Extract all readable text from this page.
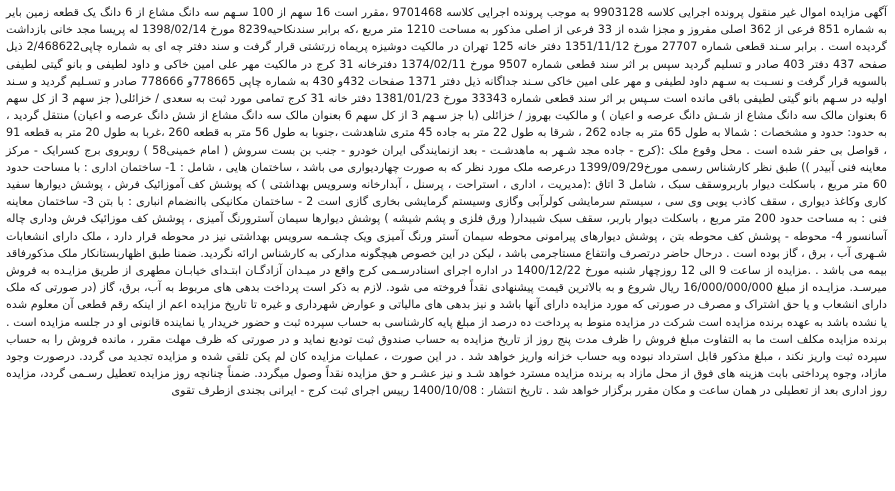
آگهی مزایده اموال غیر منقول پرونده اجرایی کلاسه 9903128 به موجب پرونده اجرایی کلاسه 9701468 ،مقرر است 16 سهم از 100 سـهم سه دانگ مشاع از 6 دانگ یک قطعه زمین بایر به شماره 851 فرعی از 362 اصلی مفروز و مجزا شده از 33 فرعی از اصلی مذکور به مساحت 1210 متر مربع ،که برابر سندنکاحیه8239 مورخ 1398/02/14 له پریسا مجد خانی بازداشت گردیده است . برابر سـند قطعی شماره 27707 مورخ 1351/11/12 دفتر خانه 125 تهران در مالکیت دوشیزه پریماه زرتشتی قرار گرفت و سند دفتر چه ای به شماره چاپی2/468622 ذیل صفحه 437 دفتر 403 صادر و تسلیم گردید سپس بر اثر سند قطعی شماره 9507 مورخ 1374/02/11 دفترخانه 31 کرج در مالکیت مهر علی امین خاکی و داود لطیفی و بانو گیتی لطیفی بالسویه قرار گرفت و نسـبت به سـهم داود لطیفی و مهر علی امین خاکی سـند جداگانه ذیل دفتر 1371 صفحات 432و 430 به شماره چاپی 778665و 778666 صادر و تسـلیم گردید و سـند اولیه در سـهم بانو گیتی لطیفی باقی مانده است سـپس بر اثر سند قطعی شماره 33343 مورخ 1381/01/23 دفتر خانه 31 کرج تمامی مورد ثبت به سعدی / خزائلی( جز سهم 3 از کل سهم 6 بعنوان مالک سه دانگ مشاع از شـش دانگ عرصه و اعیان ) و مالکیت بهروز / خزائلی (با جز سـهم 3 از کل سهم 6 بعنوان مالک سه دانگ مشاع از شش دانگ عرصه و اعیان) منتقل گردید ، به حدود: حدود و مشخصات : شمالا به طول 65 متر به جاده 262 ، شرقا به طول 22 متر به جاده 45 متری شاهدشت ،جنوبا به طول 56 متر به قطعه 260 ،غربا به طول 20 متر به قطعه 91 ، قواصل بی حفر شده است . محل وقوع ملک :(کرج - جاده مجد شـهر به ماهدشـت - بعد ازنمایندگی ایران خودرو - جنب بن بست سروش ( امام خمینی58 ) روبروی برج کسرایک - مرکز معاینه فنی آبیدر )) طبق نظر کارشناس رسمی مورخ1399/09/29 درعرصه ملک مورد نظر که به صورت چهاردیواری می باشد ، ساختمان هایی ، شامل : 1- ساختمان اداری : با مساحت حدود 60 متر مربع ، باسکلت دیوار باربروسقف سبک ، شامل 3 اتاق :(مدیریت ، اداری ، استراحت ، پرسنل ، آبدارخانه وسرویس بهداشتی ) که پوشش کف آموزائیک فرش ، پوشش دیوارها سفید کاری وکاغذ دیواری ، سقف کاذب یوبی وی سی ، سیستم سرمایشی کولرآبی وگازی وسیستم گرمایشی بخاری گازی است 2 - ساختمان مکانیکی باانضمام انباری : با بتن 3- ساختمان معاینه فنی : به مساحت حدود 200 متر مربع ، باسکلت دیوار باربر، سقف سبک شیبدار( ورق فلزی و پشم شیشه ) پوشش دیوارها سیمان آسترورنگ آمیزی ، پوشش کف موزائیک فرش وداری چاله آسانسور 4- محوطه - پوشش کف محوطه بتن ، پوشش دیوارهای پیرامونی محوطه سیمان آستر ورنگ آمیزی ویک چشـمه سرویس بهداشتی نیز در محوطه قرار دارد ، ملک دارای انشعابات شـهری آب ، برق ، گاز بوده است . درحال حاضر درتصرف وانتفاع مستاجرمی باشد ، لیکن در این خصوص هیچگونه مدارکی به کارشناس ارائه نگردید. ضمنا طبق اظهاربستانکار ملک مذکورفاقد بیمه می باشد . .مزایده از ساعت 9 الی 12 روزچهار شنبه مورخ 1400/12/22 در اداره اجرای اسنادرسـمی کرج واقع در میـدان آزادگـان ابتـدای خیابـان مطهری از طریق مزایـده به فروش میرسـد. مزایـده از مبلغ 16/000/000/000 ریال شروع و به بالاترین قیمت پیشنهادی نقداً فروخته می شود. لازم به ذکر است پرداخت بدهی های مربوط به آب، برق، گاز (در صورتی که ملک دارای انشعاب و یا حق اشتراک و مصرف در صورتی که مورد مزایده دارای آنها باشد و نیز بدهی های مالیاتی و عوارض شهرداری و غیره تا تاریخ مزایده اعم از اینکه رقم قطعی آن معلوم شده یا نشده باشد به عهده برنده مزایده است شرکت در مزایده منوط به پرداخت ده درصد از مبلغ پایه کارشناسی به حساب سپرده ثبت و حضور خریدار یا نماینده قانونی او در جلسه مزایده است . برنده مزایده مکلف است ما به التفاوت مبلغ فروش را ظرف مدت پنج روز از تاریخ مزایده به حساب صندوق ثبت تودیع نماید و در صورتی که ظرف مهلت مقرر ، مانده فروش را به حساب سپرده ثبت واریز نکند ، مبلغ مذکور قابل استرداد نبوده وبه حساب خزانه واریز خواهد شد . در این صورت ، عملیات مزایده کان لم یکن تلقی شده و مزایده تجدید می گردد. درصورت وجود مازاد، وجوه پرداختی بابت هزینه های فوق از محل مازاد به برنده مزایده مسترد خواهد شـد و نیز عشـر و حق مزایده نقداً وصول میگردد. ضمناً چنانچه روز مزایده تعطیل رسـمی گردد، مزایده روز اداری بعد از تعطیلی در همان ساعت و مکان مقرر برگزار خواهد شد . تاریخ انتشار : 1400/10/08 رییس اجرای ثبت کرج - ایرانی بجندی ازطرف تقوی
